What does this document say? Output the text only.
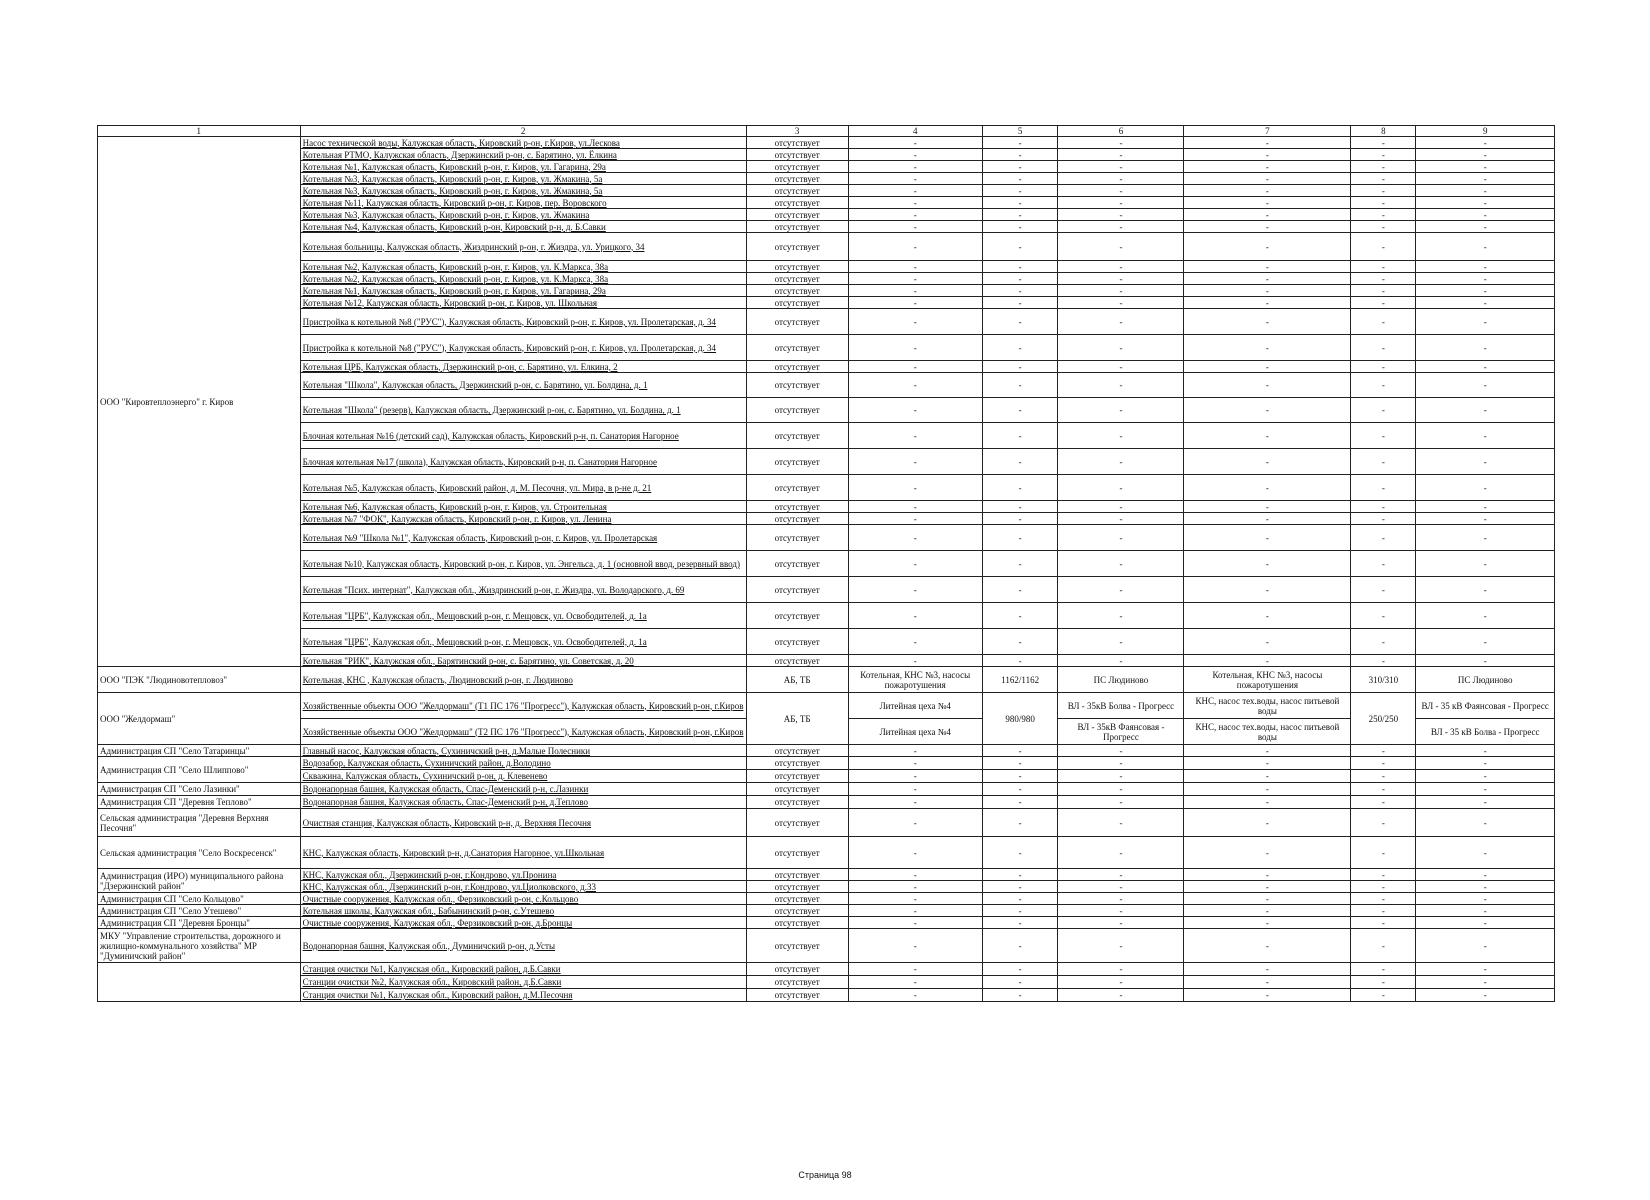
1	2	3	4	5	6	7	8	9
ООО "Кировтеплоэнерго" г. Киров	Насос технической воды, Калужская область, Кировский р-он, г.Киров, ул.Лескова	отсутствует	-	-	-	-	-	-
	Котельная РТМО, Калужская область, Дзержинский р-он, с. Барятино, ул. Ёлкина	отсутствует	-	-	-	-	-	-
	Котельная №1, Калужская область, Кировский р-он, г. Киров, ул. Гагарина, 29а	отсутствует	-	-	-	-	-	-
	Котельная №3, Калужская область, Кировский р-он, г. Киров, ул. Жмакина, 5а	отсутствует	-	-	-	-	-	-
	Котельная №3, Калужская область, Кировский р-он, г. Киров, ул. Жмакина, 5а	отсутствует	-	-	-	-	-	-
	Котельная №11, Калужская область, Кировский р-он, г. Киров, пер. Воровского	отсутствует	-	-	-	-	-	-
	Котельная №3, Калужская область, Кировский р-он, г. Киров, ул. Жмакина	отсутствует	-	-	-	-	-	-
	Котельная №4, Калужская область, Кировский р-он, Кировский р-н, д. Б.Савки	отсутствует	-	-	-	-	-	-
	Котельная больницы, Калужская область, Жиздринский р-он, г. Жиздра, ул. Урицкого, 34	отсутствует	-	-	-	-	-	-
	Котельная №2, Калужская область, Кировский р-он, г. Киров, ул. К.Маркса, 38а	отсутствует	-	-	-	-	-	-
	Котельная №2, Калужская область, Кировский р-он, г. Киров, ул. К.Маркса, 38а	отсутствует	-	-	-	-	-	-
	Котельная №1, Калужская область, Кировский р-он, г. Киров, ул. Гагарина, 29а	отсутствует	-	-	-	-	-	-
	Котельная №12, Калужская область, Кировский р-он, г. Киров, ул. Школьная	отсутствует	-	-	-	-	-	-
	Пристройка к котельной №8 ("РУС"), Калужская область, Кировский р-он, г. Киров, ул. Пролетарская, д. 34	отсутствует	-	-	-	-	-	-
	Пристройка к котельной №8 ("РУС"), Калужская область, Кировский р-он, г. Киров, ул. Пролетарская, д. 34	отсутствует	-	-	-	-	-	-
	Котельная ЦРБ, Калужская область, Дзержинский р-он, с. Барятино, ул. Елкина, 2	отсутствует	-	-	-	-	-	-
	Котельная "Школа", Калужская область, Дзержинский р-он, с. Барятино, ул. Болдина, д. 1	отсутствует	-	-	-	-	-	-
	Котельная "Школа" (резерв), Калужская область, Дзержинский р-он, с. Барятино, ул. Болдина, д. 1	отсутствует	-	-	-	-	-	-
	Блочная котельная №16 (детский сад), Калужская область, Кировский р-н, п. Санатория Нагорное	отсутствует	-	-	-	-	-	-
	Блочная котельная №17 (школа), Калужская область, Кировский р-н, п. Санатория Нагорное	отсутствует	-	-	-	-	-	-
	Котельная №5, Калужская область, Кировский район, д. М. Песочня, ул. Мира, в р-не д. 21	отсутствует	-	-	-	-	-	-
	Котельная №6, Калужская область, Кировский р-он, г. Киров, ул. Строительная	отсутствует	-	-	-	-	-	-
	Котельная №7 "ФОК", Калужская область, Кировский р-он, г. Киров, ул. Ленина	отсутствует	-	-	-	-	-	-
	Котельная №9 "Школа №1", Калужская область, Кировский р-он, г. Киров, ул. Пролетарская	отсутствует	-	-	-	-	-	-
	Котельная №10, Калужская область, Кировский р-он, г. Киров, ул. Энгельса, д. 1 (основной ввод, резервный ввод)	отсутствует	-	-	-	-	-	-
	Котельная "Псих. интернат", Калужская обл., Жиздринский р-он, г. Жиздра, ул. Володарского, д. 69	отсутствует	-	-	-	-	-	-
	Котельная "ЦРБ", Калужская обл., Мещовский р-он, г. Мещовск, ул. Освободителей, д. 1а	отсутствует	-	-	-	-	-	-
	Котельная "ЦРБ", Калужская обл., Мещовский р-он, г. Мещовск, ул. Освободителей, д. 1а	отсутствует	-	-	-	-	-	-
	Котельная "РИК", Калужская обл., Барятинский р-он, с. Барятино, ул. Советская, д. 20	отсутствует	-	-	-	-	-	-
ООО "ПЭК "Людиновотепловоз"	Котельная, КНС , Калужская область, Людиновский р-он, г. Людиново	АБ, ТБ	Котельная, КНС №3, насосы пожаротушения	1162/1162	ПС Людиново	Котельная, КНС №3, насосы пожаротушения	310/310	ПС Людиново
ООО "Желдормаш"	Хозяйственные объекты ООО "Желдормаш" (Т1 ПС 176 "Прогресс"), Калужская область, Кировский р-он, г.Киров	АБ, ТБ	Литейная цеха №4	980/980	ВЛ - 35кВ Болва - Прогресс	КНС, насос тех.воды, насос питьевой воды	250/250	ВЛ - 35 кВ Фаянсовая - Прогресс
	Хозяйственные объекты ООО "Желдормаш" (Т2 ПС 176 "Прогресс"), Калужская область, Кировский р-он, г.Киров		Литейная цеха №4		ВЛ - 35кВ Фаянсовая - Прогресс	КНС, насос тех.воды, насос питьевой воды		ВЛ - 35 кВ Болва - Прогресс
Администрация СП "Село Татаринцы"	Главный насос, Калужская область, Сухиничский р-н, д.Малые Полесники	отсутствует	-	-	-	-	-	-
Администрация СП "Село Шлиппово"	Водозабор, Калужская область, Сухиничский район, д.Володино	отсутствует	-	-	-	-	-	-
	Скважина, Калужская область, Сухиничский р-он, д. Клевенево	отсутствует	-	-	-	-	-	-
Администрация СП "Село Лазинки"	Водонапорная башня, Калужская область, Спас-Деменский р-н, с.Лазинки	отсутствует	-	-	-	-	-	-
Администрация СП "Деревня Теплово"	Водонапорная башня, Калужская область, Спас-Деменский р-н, д.Теплово	отсутствует	-	-	-	-	-	-
Сельская администрация "Деревня Верхняя Песочня"	Очистная станция, Калужская область, Кировский р-н, д. Верхняя Песочня	отсутствует	-	-	-	-	-	-
Сельская администрация "Село Воскресенск"	КНС, Калужская область, Кировский р-н, д.Санатория Нагорное, ул.Школьная	отсутствует	-	-	-	-	-	-
Администрация (ИРО) муниципального района "Дзержинский район"	КНС, Калужская обл., Дзержинский р-он, г.Кондрово, ул.Пронина	отсутствует	-	-	-	-	-	-
	КНС, Калужская обл., Дзержинский р-он, г.Кондрово, ул.Циолковского, д.33	отсутствует	-	-	-	-	-	-
Администрация СП "Село Кольцово"	Очистные сооружения, Калужская обл., Ферзиковский р-он, с.Кольцово	отсутствует	-	-	-	-	-	-
Администрация СП "Село Утешево"	Котельная школы, Калужская обл., Бабынинский р-он, с.Утешево	отсутствует	-	-	-	-	-	-
Администрация СП "Деревня Бронцы"	Очистные сооружения, Калужская обл., Ферзиковский р-он, д.Бронцы	отсутствует	-	-	-	-	-	-
МКУ "Управление строительства, дорожного и жилищно-коммунального хозяйства" МР "Думиничский район"	Водонапорная башня, Калужская обл., Думиничский р-он, д.Усты	отсутствует	-	-	-	-	-	-
	Станция очистки №1, Калужская обл., Кировский район, д.Б.Савки	отсутствует	-	-	-	-	-	-
	Станции очистки №2, Калужская обл., Кировский район, д.Б.Савки	отсутствует	-	-	-	-	-	-
	Станция очистки №1, Калужская обл., Кировский район, д.М.Песочня	отсутствует	-	-	-	-	-	-
Страница 98
